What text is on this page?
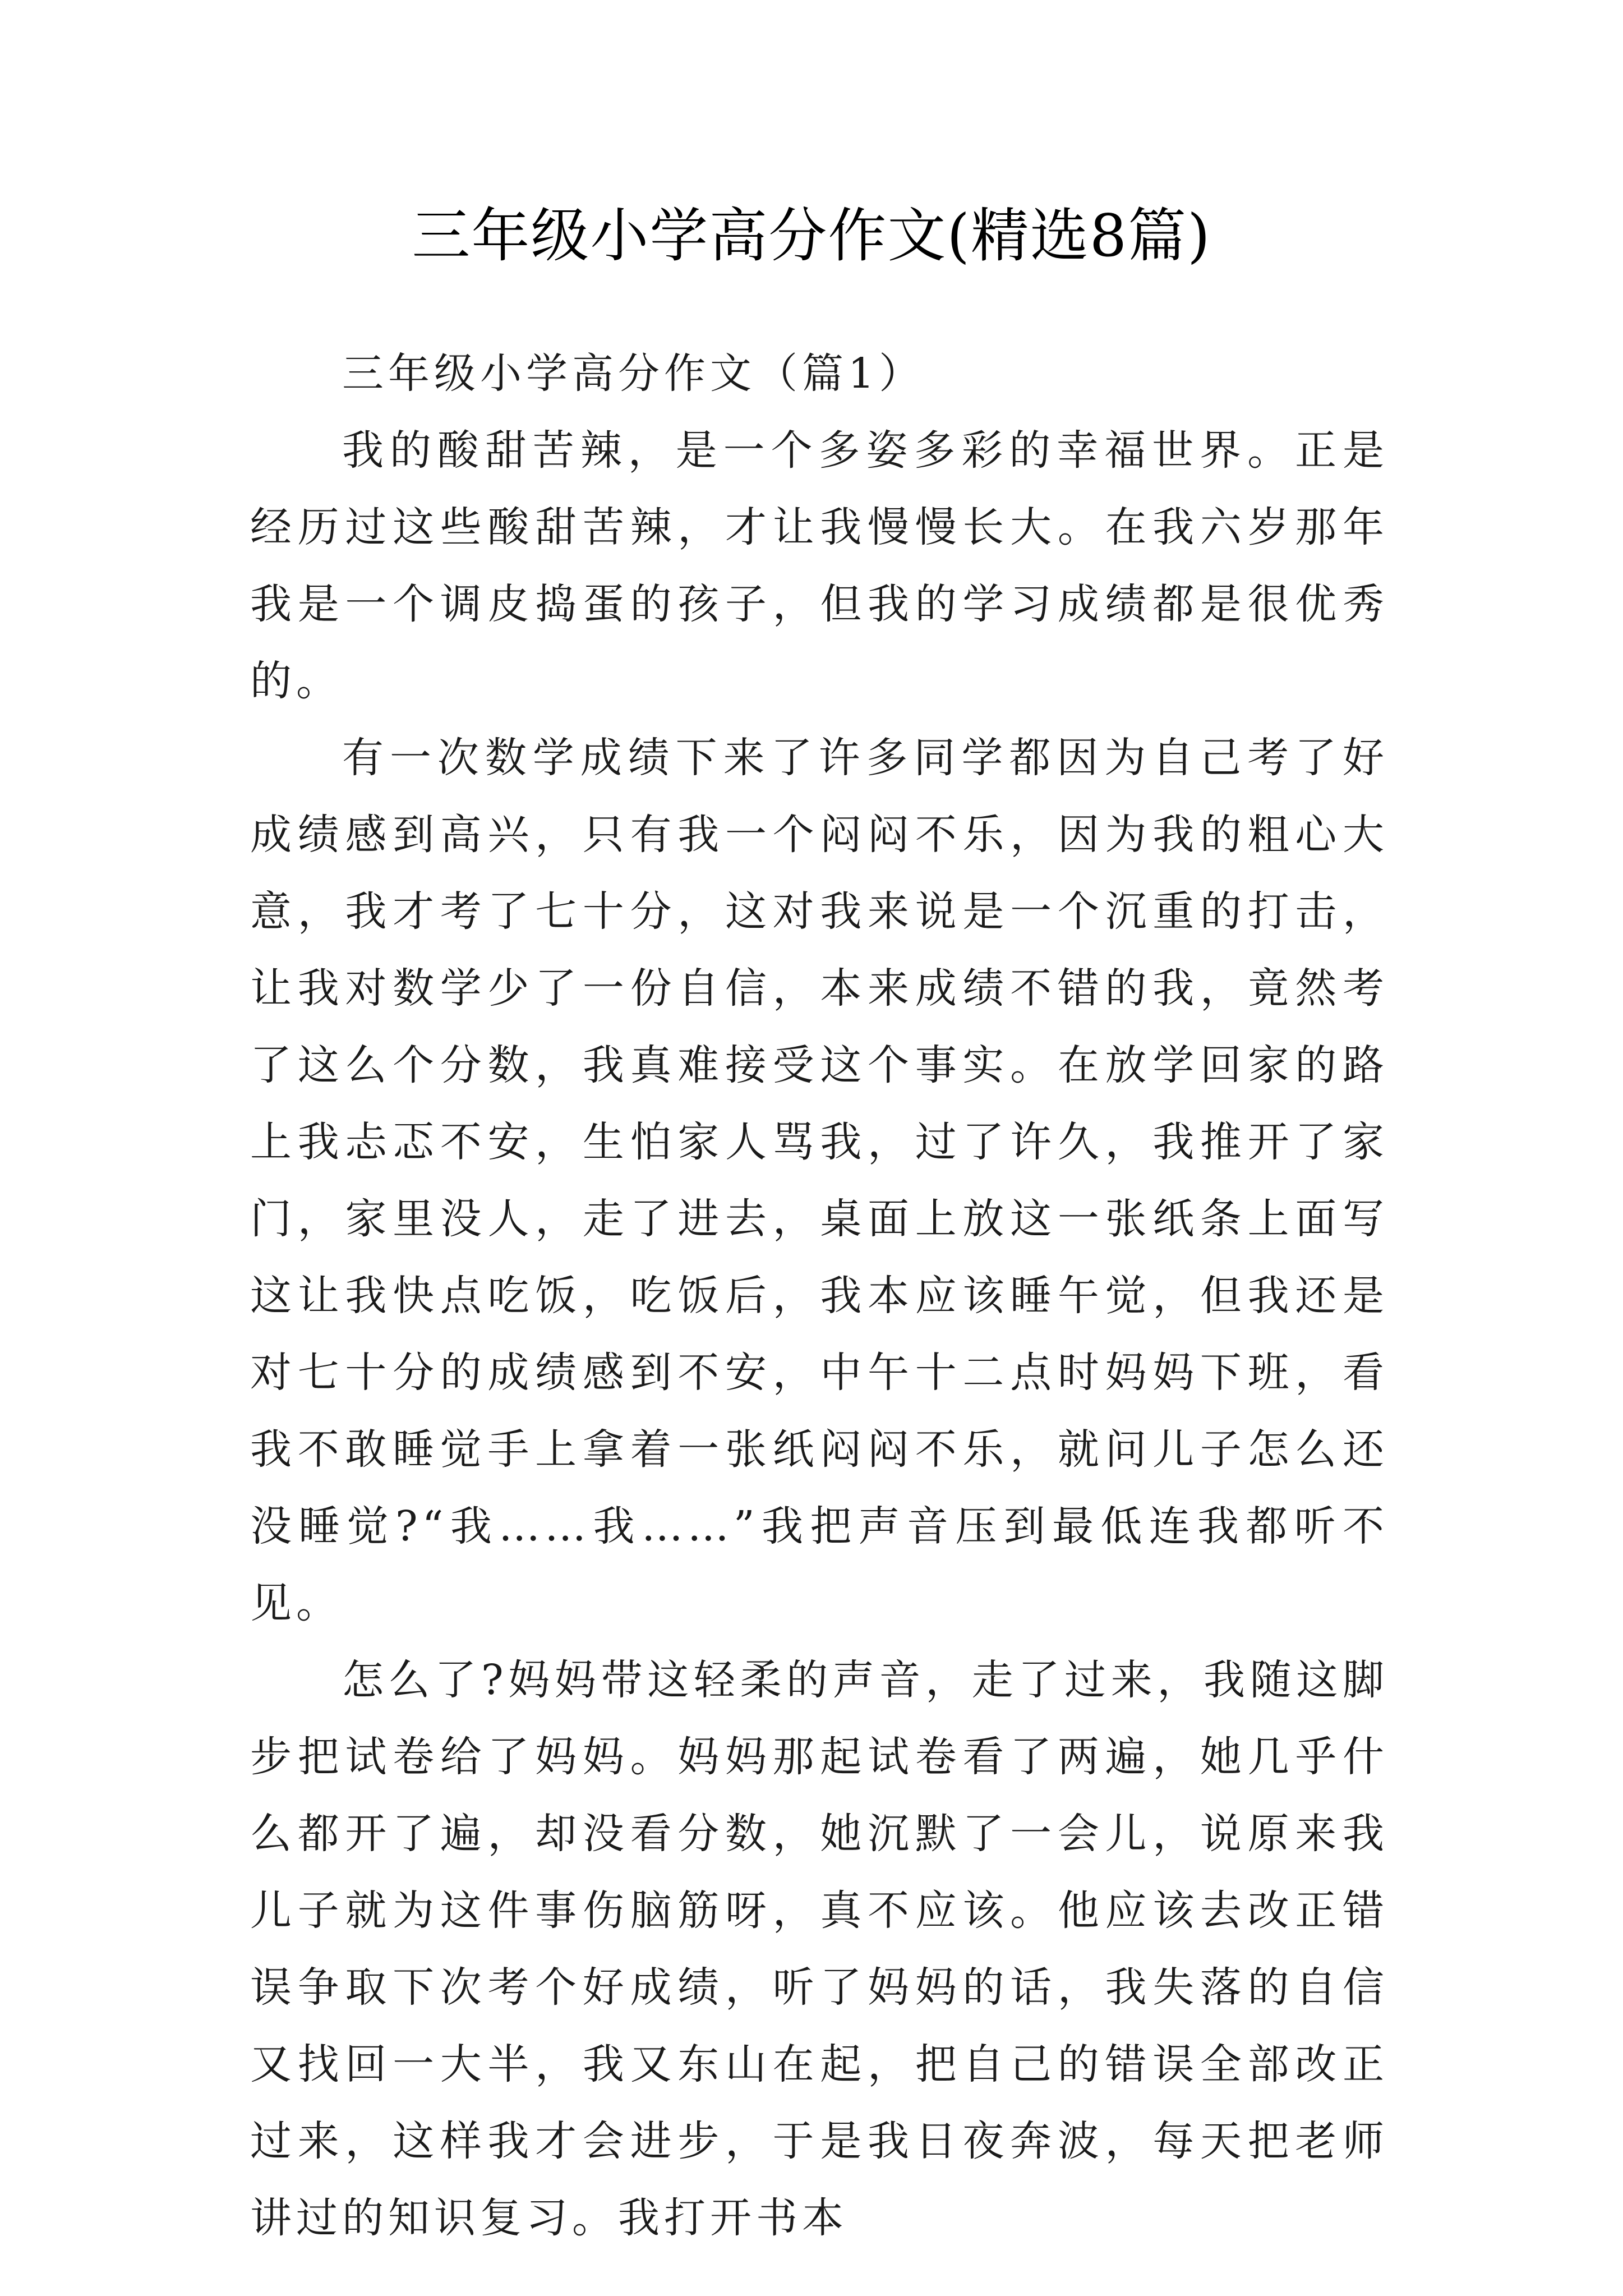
三年级小学高分作文(精选8篇)

三年级小学高分作文（篇1）

我的酸甜苦辣，是一个多姿多彩的幸福世界。正是经历过这些酸甜苦辣，才让我慢慢长大。在我六岁那年我是一个调皮捣蛋的孩子，但我的学习成绩都是很优秀的。

有一次数学成绩下来了许多同学都因为自己考了好成绩感到高兴，只有我一个闷闷不乐，因为我的粗心大意，我才考了七十分，这对我来说是一个沉重的打击，让我对数学少了一份自信，本来成绩不错的我，竟然考了这么个分数，我真难接受这个事实。在放学回家的路上我忐忑不安，生怕家人骂我，过了许久，我推开了家门，家里没人，走了进去，桌面上放这一张纸条上面写这让我快点吃饭，吃饭后，我本应该睡午觉，但我还是对七十分的成绩感到不安，中午十二点时妈妈下班，看我不敢睡觉手上拿着一张纸闷闷不乐，就问儿子怎么还没睡觉?“我……我……”我把声音压到最低连我都听不见。

怎么了?妈妈带这轻柔的声音，走了过来，我随这脚步把试卷给了妈妈。妈妈那起试卷看了两遍，她几乎什么都开了遍，却没看分数，她沉默了一会儿，说原来我儿子就为这件事伤脑筋呀，真不应该。他应该去改正错误争取下次考个好成绩，听了妈妈的话，我失落的自信又找回一大半，我又东山在起，把自己的错误全部改正过来，这样我才会进步，于是我日夜奔波，每天把老师讲过的知识复习。我打开书本
